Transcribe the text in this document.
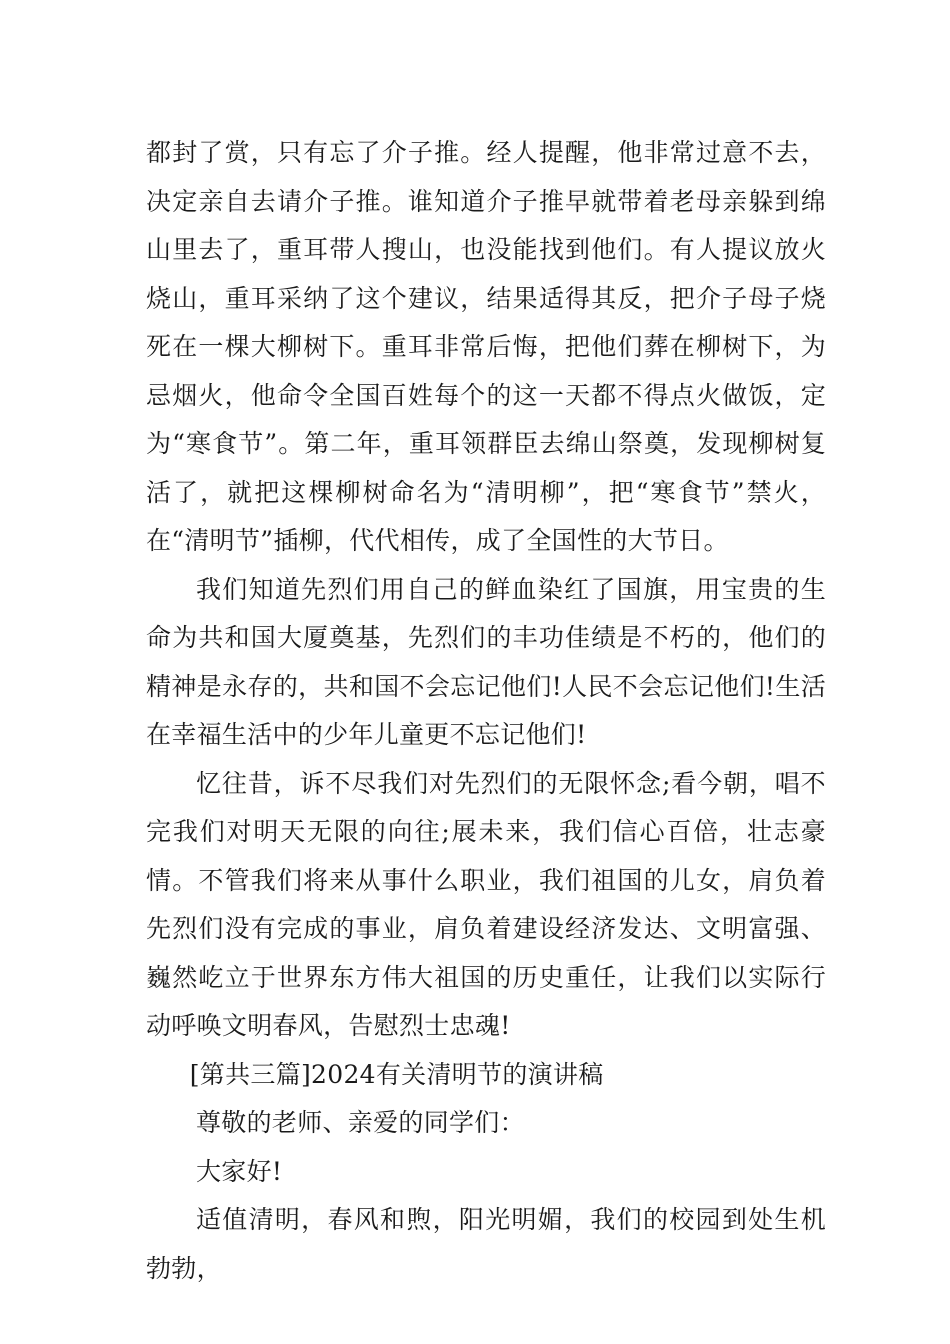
都封了赏，只有忘了介子推。经人提醒，他非常过意不去，决定亲自去请介子推。谁知道介子推早就带着老母亲躲到绵山里去了，重耳带人搜山，也没能找到他们。有人提议放火烧山，重耳采纳了这个建议，结果适得其反，把介子母子烧死在一棵大柳树下。重耳非常后悔，把他们葬在柳树下，为忌烟火，他命令全国百姓每个的这一天都不得点火做饭，定为“寒食节”。第二年，重耳领群臣去绵山祭奠，发现柳树复活了，就把这棵柳树命名为“清明柳”，把“寒食节”禁火，在“清明节”插柳，代代相传，成了全国性的大节日。

我们知道先烈们用自己的鲜血染红了国旗，用宝贵的生命为共和国大厦奠基，先烈们的丰功佳绩是不朽的，他们的精神是永存的，共和国不会忘记他们!人民不会忘记他们!生活在幸福生活中的少年儿童更不忘记他们!

忆往昔，诉不尽我们对先烈们的无限怀念;看今朝，唱不完我们对明天无限的向往;展未来，我们信心百倍，壮志豪情。不管我们将来从事什么职业，我们祖国的儿女，肩负着先烈们没有完成的事业，肩负着建设经济发达、文明富强、巍然屹立于世界东方伟大祖国的历史重任，让我们以实际行动呼唤文明春风，告慰烈士忠魂!

[第共三篇]2024有关清明节的演讲稿

尊敬的老师、亲爱的同学们：

大家好!

适值清明，春风和煦，阳光明媚，我们的校园到处生机勃勃，
